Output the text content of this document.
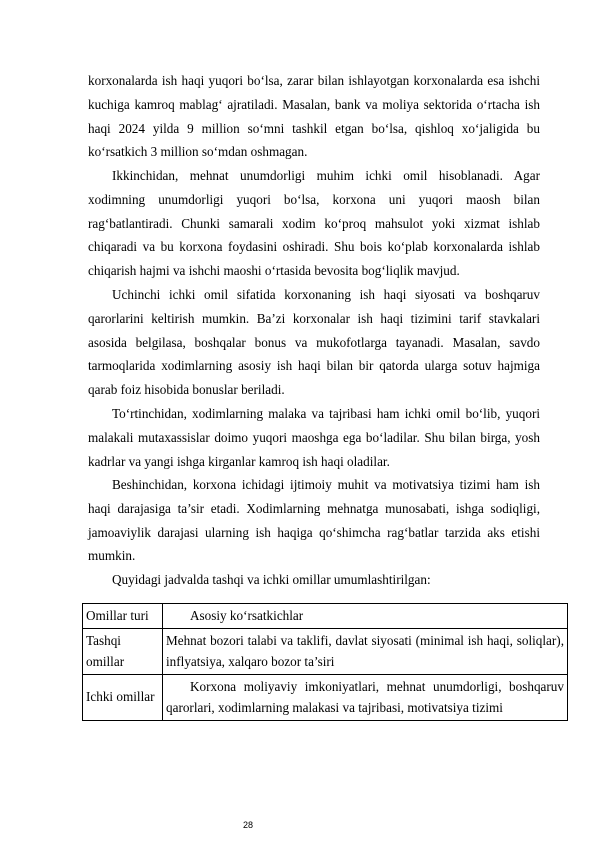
korxonalarda ish haqi yuqori bo‘lsa, zarar bilan ishlayotgan korxonalarda esa ishchi kuchiga kamroq mablag‘ ajratiladi. Masalan, bank va moliya sektorida o‘rtacha ish haqi 2024 yilda 9 million so‘mni tashkil etgan bo‘lsa, qishloq xo‘jaligida bu ko‘rsatkich 3 million so‘mdan oshmagan.

Ikkinchidan, mehnat unumdorligi muhim ichki omil hisoblanadi. Agar xodimning unumdorligi yuqori bo‘lsa, korxona uni yuqori maosh bilan rag‘batlantiradi. Chunki samarali xodim ko‘proq mahsulot yoki xizmat ishlab chiqaradi va bu korxona foydasini oshiradi. Shu bois ko‘plab korxonalarda ishlab chiqarish hajmi va ishchi maoshi o‘rtasida bevosita bog‘liqlik mavjud.

Uchinchi ichki omil sifatida korxonaning ish haqi siyosati va boshqaruv qarorlarini keltirish mumkin. Ba’zi korxonalar ish haqi tizimini tarif stavkalari asosida belgilasa, boshqalar bonus va mukofotlarga tayanadi. Masalan, savdo tarmoqlarida xodimlarning asosiy ish haqi bilan bir qatorda ularga sotuv hajmiga qarab foiz hisobida bonuslar beriladi.

To‘rtinchidan, xodimlarning malaka va tajribasi ham ichki omil bo‘lib, yuqori malakali mutaxassislar doimo yuqori maoshga ega bo‘ladilar. Shu bilan birga, yosh kadrlar va yangi ishga kirganlar kamroq ish haqi oladilar.

Beshinchidan, korxona ichidagi ijtimoiy muhit va motivatsiya tizimi ham ish haqi darajasiga ta’sir etadi. Xodimlarning mehnatga munosabati, ishga sodiqligi, jamoaviylik darajasi ularning ish haqiga qo‘shimcha rag‘batlar tarzida aks etishi mumkin.

Quyidagi jadvalda tashqi va ichki omillar umumlashtirilgan:

Omillar turi	Asosiy ko‘rsatkichlar
Tashqi omillar	Mehnat bozori talabi va taklifi, davlat siyosati (minimal ish haqi, soliqlar), inflyatsiya, xalqaro bozor ta’siri
Ichki omillar	Korxona moliyaviy imkoniyatlari, mehnat unumdorligi, boshqaruv qarorlari, xodimlarning malakasi va tajribasi, motivatsiya tizimi
28
